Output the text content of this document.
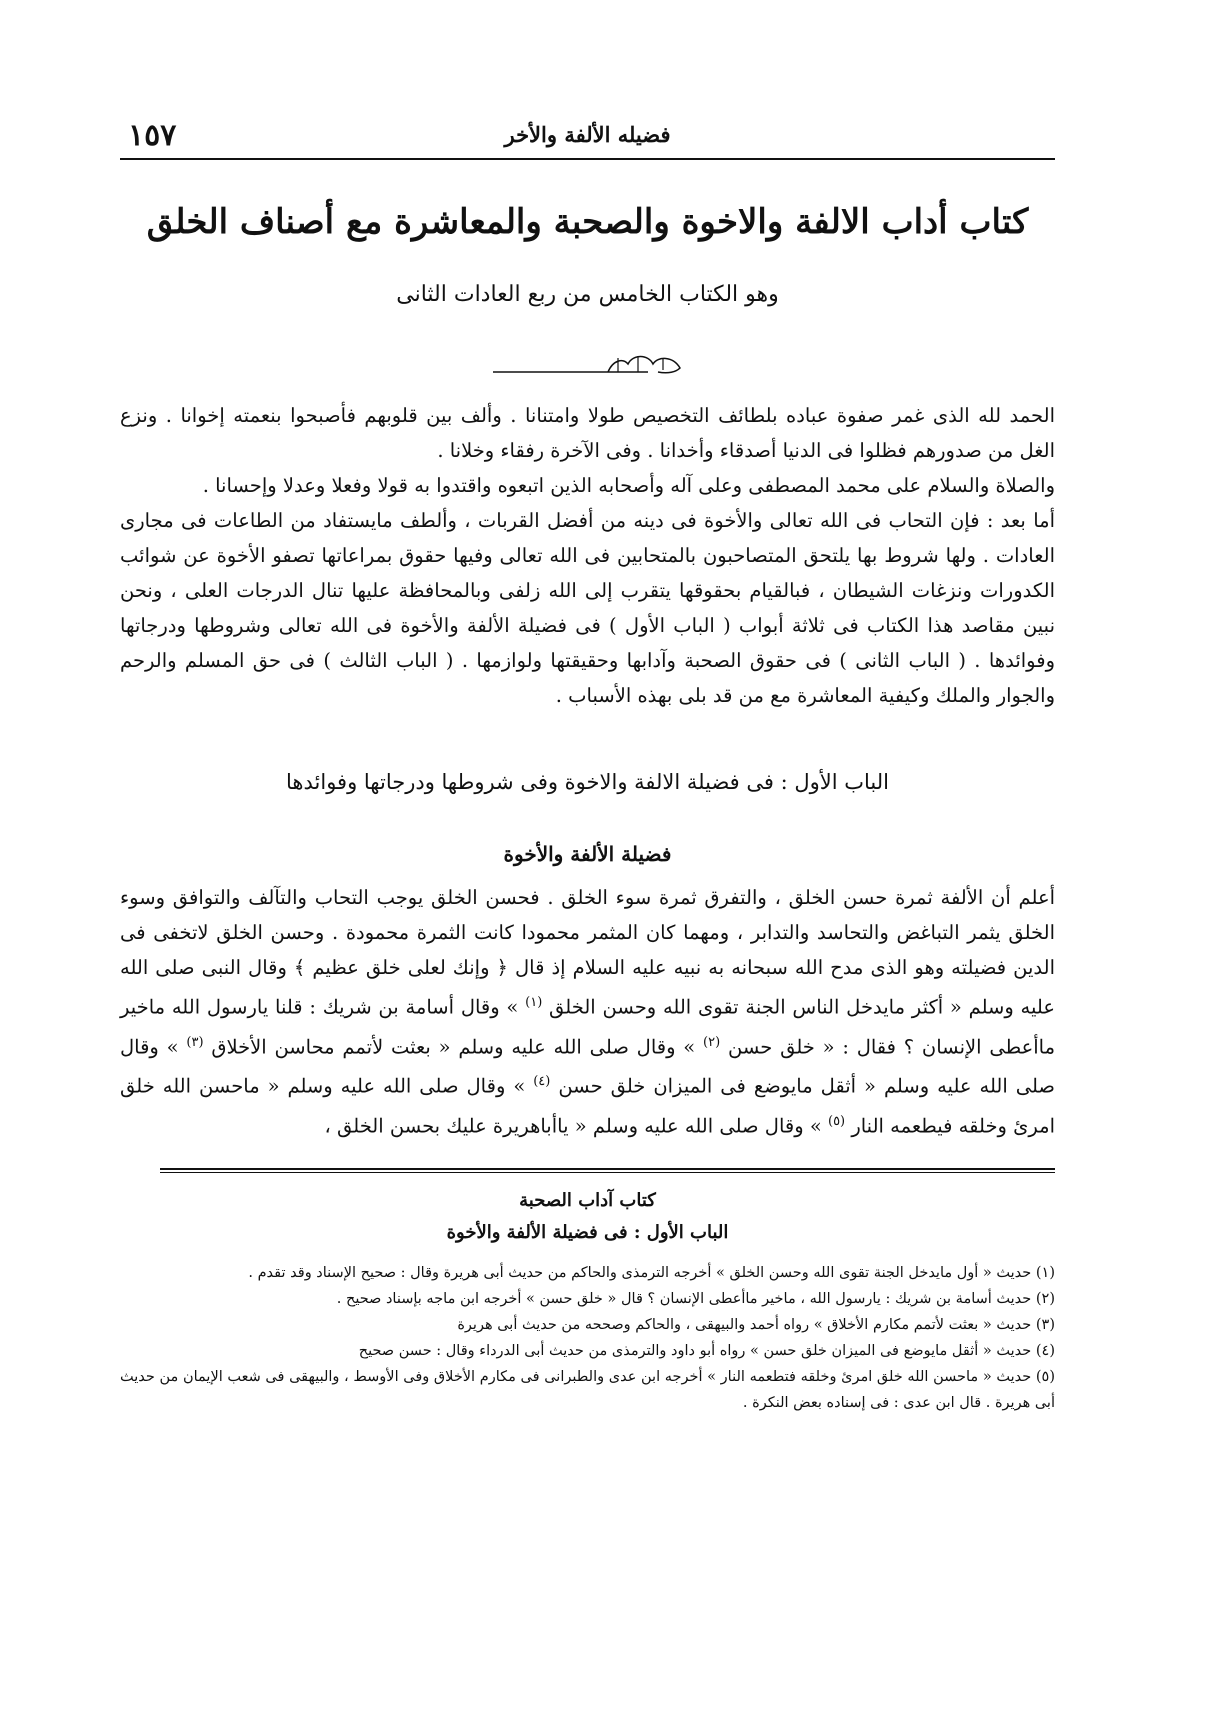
١٥٧	فضيله الألفة والأخر
كتاب أداب الالفة والاخوة والصحبة والمعاشرة مع أصناف الخلق
وهو الكتاب الخامس من ربع العادات الثانى

الحمد لله الذى غمر صفوة عباده بلطائف التخصيص طولا وامتنانا . وألف بين قلوبهم فأصبحوا بنعمته إخوانا . ونزع الغل من صدورهم فظلوا فى الدنيا أصدقاء وأخدانا . وفى الآخرة رفقاء وخلانا .

والصلاة والسلام على محمد المصطفى وعلى آله وأصحابه الذين اتبعوه واقتدوا به قولا وفعلا وعدلا وإحسانا .

أما بعد : فإن التحاب فى الله تعالى والأخوة فى دينه من أفضل القربات ، وألطف مايستفاد من الطاعات فى مجارى العادات . ولها شروط بها يلتحق المتصاحبون بالمتحابين فى الله تعالى وفيها حقوق بمراعاتها تصفو الأخوة عن شوائب الكدورات ونزغات الشيطان ، فبالقيام بحقوقها يتقرب إلى الله زلفى وبالمحافظة عليها تنال الدرجات العلى ، ونحن نبين مقاصد هذا الكتاب فى ثلاثة أبواب ( الباب الأول ) فى فضيلة الألفة والأخوة فى الله تعالى وشروطها ودرجاتها وفوائدها . ( الباب الثانى ) فى حقوق الصحبة وآدابها وحقيقتها ولوازمها . ( الباب الثالث ) فى حق المسلم والرحم والجوار والملك وكيفية المعاشرة مع من قد بلى بهذه الأسباب .

الباب الأول : فى فضيلة الالفة والاخوة وفى شروطها ودرجاتها وفوائدها
فضيلة الألفة والأخوة

أعلم أن الألفة ثمرة حسن الخلق ، والتفرق ثمرة سوء الخلق . فحسن الخلق يوجب التحاب والتآلف والتوافق وسوء الخلق يثمر التباغض والتحاسد والتدابر ، ومهما كان المثمر محمودا كانت الثمرة محمودة . وحسن الخلق لاتخفى فى الدين فضيلته وهو الذى مدح الله سبحانه به نبيه عليه السلام إذ قال ﴿ وإنك لعلى خلق عظيم ﴾ وقال النبى صلى الله عليه وسلم « أكثر مايدخل الناس الجنة تقوى الله وحسن الخلق $^{(١)}$ » وقال أسامة بن شريك : قلنا يارسول الله ماخير ماأعطى الإنسان ؟ فقال : « خلق حسن $^{(٢)}$ » وقال صلى الله عليه وسلم « بعثت لأتمم محاسن الأخلاق $^{(٣)}$ » وقال صلى الله عليه وسلم « أثقل مايوضع فى الميزان خلق حسن $^{(٤)}$ » وقال صلى الله عليه وسلم « ماحسن الله خلق امرئ وخلقه فيطعمه النار $^{(٥)}$ » وقال صلى الله عليه وسلم « ياأباهريرة عليك بحسن الخلق ،

كتاب آداب الصحبة
الباب الأول : فى فضيلة الألفة والأخوة

(١) حديث « أول مايدخل الجنة تقوى الله وحسن الخلق » أخرجه الترمذى والحاكم من حديث أبى هريرة وقال : صحيح الإسناد وقد تقدم .

(٢) حديث أسامة بن شريك : يارسول الله ، ماخير ماأعطى الإنسان ؟ قال « خلق حسن » أخرجه ابن ماجه بإسناد صحيح .

(٣) حديث « بعثت لأتمم مكارم الأخلاق » رواه أحمد والبيهقى ، والحاكم وصححه من حديث أبى هريرة

(٤) حديث « أثقل مايوضع فى الميزان خلق حسن » رواه أبو داود والترمذى من حديث أبى الدرداء وقال : حسن صحيح

(٥) حديث « ماحسن الله خلق امرئ وخلقه فتطعمه النار » أخرجه ابن عدى والطبرانى فى مكارم الأخلاق وفى الأوسط ، والبيهقى فى شعب الإيمان من حديث أبى هريرة . قال ابن عدى : فى إسناده بعض النكرة .
